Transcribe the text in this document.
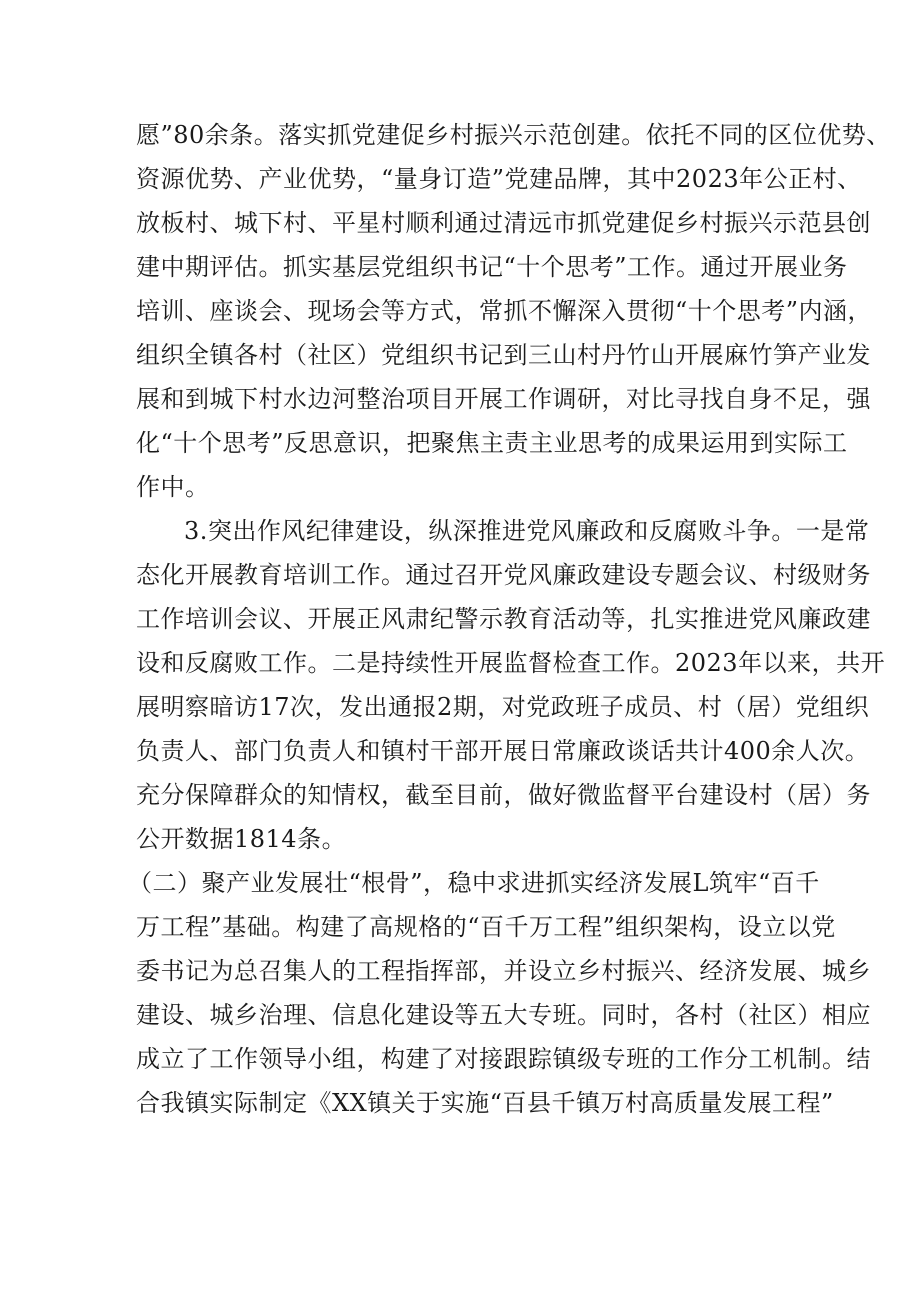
愿”80余条。落实抓党建促乡村振兴示范创建。依托不同的区位优势、
资源优势、产业优势，“量身订造”党建品牌，其中2023年公正村、
放板村、城下村、平星村顺利通过清远市抓党建促乡村振兴示范县创
建中期评估。抓实基层党组织书记“十个思考”工作。通过开展业务
培训、座谈会、现场会等方式，常抓不懈深入贯彻“十个思考”内涵，
组织全镇各村（社区）党组织书记到三山村丹竹山开展麻竹笋产业发
展和到城下村水边河整治项目开展工作调研，对比寻找自身不足，强
化“十个思考”反思意识，把聚焦主责主业思考的成果运用到实际工
作中。
3.突出作风纪律建设，纵深推进党风廉政和反腐败斗争。一是常
态化开展教育培训工作。通过召开党风廉政建设专题会议、村级财务
工作培训会议、开展正风肃纪警示教育活动等，扎实推进党风廉政建
设和反腐败工作。二是持续性开展监督检查工作。2023年以来，共开
展明察暗访17次，发出通报2期，对党政班子成员、村（居）党组织
负责人、部门负责人和镇村干部开展日常廉政谈话共计400余人次。
充分保障群众的知情权，截至目前，做好微监督平台建设村（居）务
公开数据1814条。
（二）聚产业发展壮“根骨”，稳中求进抓实经济发展L筑牢“百千
万工程”基础。构建了高规格的“百千万工程”组织架构，设立以党
委书记为总召集人的工程指挥部，并设立乡村振兴、经济发展、城乡
建设、城乡治理、信息化建设等五大专班。同时，各村（社区）相应
成立了工作领导小组，构建了对接跟踪镇级专班的工作分工机制。结
合我镇实际制定《XX镇关于实施“百县千镇万村高质量发展工程”
